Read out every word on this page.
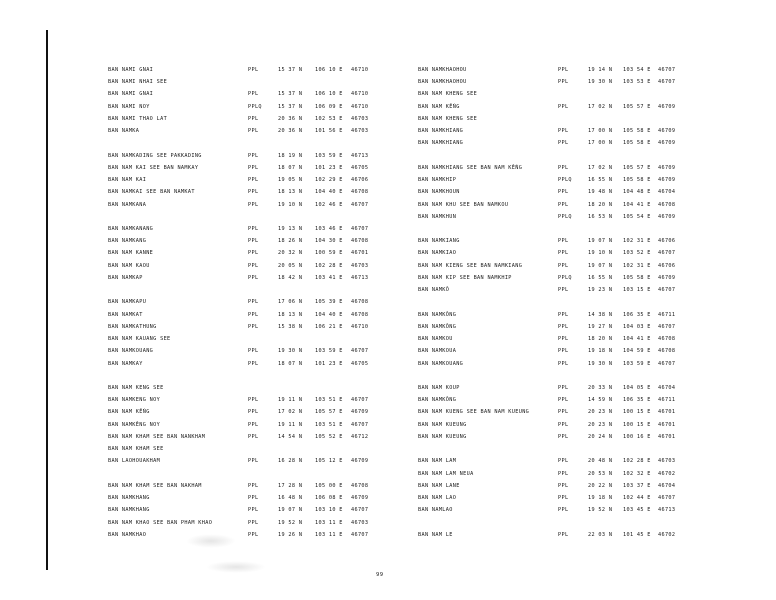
BAN NAMI GNAI	PPL	15 37 N 106 10 E 46710
BAN NAMI NHAI SEE
BAN NAMI GNAI	PPL	15 37 N 106 10 E 46710
BAN NAMI NOY	PPLQ	15 37 N 106 09 E 46710
BAN NAMI THAO LAT	PPL	20 36 N 102 53 E 46703
BAN NAMKA	PPL	20 36 N 101 56 E 46703
BAN NAMKADING SEE PAKKADING	PPL	18 19 N 103 59 E 46713
BAN NAM KAI SEE BAN NAMKAY	PPL	18 07 N 101 23 E 46705
BAN NAM KAI	PPL	19 05 N 102 29 E 46706
BAN NAMKAI SEE BAN NAMKAT	PPL	18 13 N 104 40 E 46708
BAN NAMKANA	PPL	19 10 N 102 46 E 46707
BAN NAMKANANG	PPL	19 13 N 103 46 E 46707
BAN NAMKANG	PPL	18 26 N 104 30 E 46708
BAN NAM KANNE	PPL	20 32 N 100 59 E 46701
BAN NAM KAOU	PPL	20 05 N 102 28 E 46703
BAN NAMKAP	PPL	18 42 N 103 41 E 46713
BAN NAMKAPU	PPL	17 06 N 105 39 E 46708
BAN NAMKAT	PPL	18 13 N 104 40 E 46708
BAN NAMKATHUNG	PPL	15 38 N 106 21 E 46710
BAN NAM KAUANG SEE
BAN NAMKOUANG	PPL	19 30 N 103 59 E 46707
BAN NAMKAY	PPL	18 07 N 101 23 E 46705
BAN NAM KENG SEE
BAN NAMKENG NOY	PPL	19 11 N 103 51 E 46707
BAN NAM KẾNG	PPL	17 02 N 105 57 E 46709
BAN NAMKÊNG NOY	PPL	19 11 N 103 51 E 46707
BAN NAM KHAM SEE BAN NANKHAM	PPL	14 54 N 105 52 E 46712
BAN NAM KHAM SEE
BAN LAOHOUAKHAM	PPL	16 28 N 105 12 E 46709
BAN NAM KHAM SEE BAN NAKHAM	PPL	17 28 N 105 00 E 46708
BAN NAMKHANG	PPL	16 48 N 106 08 E 46709
BAN NAMKHANG	PPL	19 07 N 103 10 E 46707
BAN NAM KHAO SEE BAN PHAM KHAO	PPL	19 52 N 103 11 E 46703
BAN NAMKHAO	PPL	19 26 N 103 11 E 46707
BAN NAMKHAOHOU	PPL	19 14 N 103 54 E 46707
BAN NAMKHAOHOU	PPL	19 30 N 103 53 E 46707
BAN NAM KHENG SEE
BAN NAM KẾNG	PPL	17 02 N 105 57 E 46709
BAN NAM KHENG SEE
BAN NAMKHIANG	PPL	17 00 N 105 58 E 46709
BAN NAMKHIANG	PPL	17 00 N 105 58 E 46709
BAN NAMKHIANG SEE BAN NAM KẾNG	PPL	17 02 N 105 57 E 46709
BAN NAMKHIP	PPLQ	16 55 N 105 58 E 46709
BAN NAMKHOUN	PPL	19 48 N 104 48 E 46704
BAN NAM KHU SEE BAN NAMKOU	PPL	18 20 N 104 41 E 46708
BAN NAMKHUN	PPLQ	16 53 N 105 54 E 46709
BAN NAMKIANG	PPL	19 07 N 102 31 E 46706
BAN NAMKIAO	PPL	19 10 N 103 52 E 46707
BAN NAM KIENG SEE BAN NAMKIANG	PPL	19 07 N 102 31 E 46706
BAN NAM KIP SEE BAN NAMKHIP	PPLQ	16 55 N 105 58 E 46709
BAN NAMKÔ	PPL	19 23 N 103 15 E 46707
BAN NAMKÔNG	PPL	14 38 N 106 35 E 46711
BAN NAMKÔNG	PPL	19 27 N 104 03 E 46707
BAN NAMKOU	PPL	18 20 N 104 41 E 46708
BAN NAMKOUA	PPL	19 18 N 104 59 E 46708
BAN NAMKOUANG	PPL	19 30 N 103 59 E 46707
BAN NAM KOUP	PPL	20 33 N 104 05 E 46704
BAN NAMKÔNG	PPL	14 59 N 106 35 E 46711
BAN NAM KUENG SEE BAN NAM KUEUNG	PPL	20 23 N 100 15 E 46701
BAN NAM KUEUNG	PPL	20 23 N 100 15 E 46701
BAN NAM KUEUNG	PPL	20 24 N 100 16 E 46701
BAN NAM LAM	PPL	20 48 N 102 28 E 46703
BAN NAM LAM NEUA	PPL	20 53 N 102 32 E 46702
BAN NAM LANE	PPL	20 22 N 103 37 E 46704
BAN NAM LAO	PPL	19 18 N 102 44 E 46707
BAN NAMLAO	PPL	19 52 N 103 45 E 46713
BAN NAM LE	PPL	22 03 N 101 45 E 46702
99
